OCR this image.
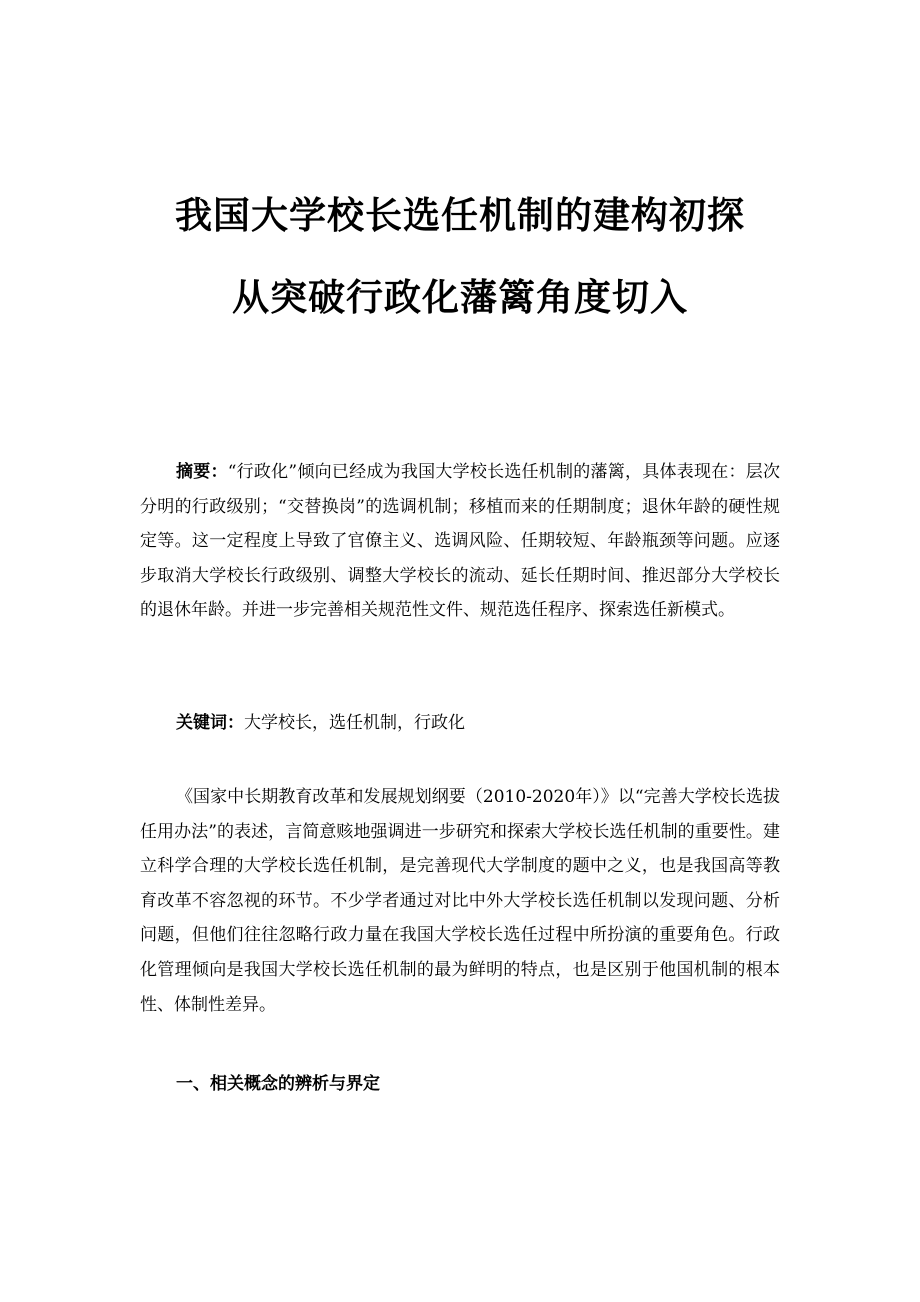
我国大学校长选任机制的建构初探
从突破行政化藩篱角度切入

摘要：“行政化”倾向已经成为我国大学校长选任机制的藩篱，具体表现在：层次分明的行政级别；“交替换岗”的选调机制；移植而来的任期制度；退休年龄的硬性规定等。这一定程度上导致了官僚主义、选调风险、任期较短、年龄瓶颈等问题。应逐步取消大学校长行政级别、调整大学校长的流动、延长任期时间、推迟部分大学校长的退休年龄。并进一步完善相关规范性文件、规范选任程序、探索选任新模式。

关键词：大学校长，选任机制，行政化

《国家中长期教育改革和发展规划纲要（2010-2020年）》以“完善大学校长选拔任用办法”的表述，言简意赅地强调进一步研究和探索大学校长选任机制的重要性。建立科学合理的大学校长选任机制，是完善现代大学制度的题中之义，也是我国高等教育改革不容忽视的环节。不少学者通过对比中外大学校长选任机制以发现问题、分析问题，但他们往往忽略行政力量在我国大学校长选任过程中所扮演的重要角色。行政化管理倾向是我国大学校长选任机制的最为鲜明的特点，也是区别于他国机制的根本性、体制性差异。

一、相关概念的辨析与界定
